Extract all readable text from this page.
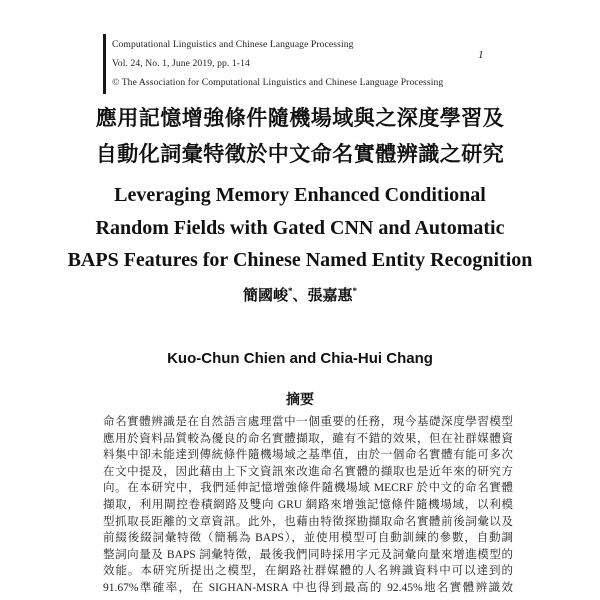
Computational Linguistics and Chinese Language Processing
Vol. 24, No. 1, June 2019, pp. 1-14
© The Association for Computational Linguistics and Chinese Language Processing
1
應用記憶增強條件隨機場域與之深度學習及
自動化詞彙特徵於中文命名實體辨識之研究
Leveraging Memory Enhanced Conditional
Random Fields with Gated CNN and Automatic
BAPS Features for Chinese Named Entity Recognition
簡國峻*、張嘉惠*
Kuo-Chun Chien and Chia-Hui Chang
摘要
命名實體辨識是在自然語言處理當中一個重要的任務，現今基礎深度學習模型
應用於資料品質較為優良的命名實體擷取，雖有不錯的效果，但在社群媒體資
料集中卻未能達到傳統條件隨機場域之基準值，由於一個命名實體有能可多次
在文中提及，因此藉由上下文資訊來改進命名實體的擷取也是近年來的研究方
向。在本研究中，我們延伸記憶增強條件隨機場域 MECRF 於中文的命名實體
擷取，利用閘控卷積網路及雙向 GRU 網路來增強記憶條件隨機場域，以利模
型抓取長距離的文章資訊。此外，也藉由特徵探勘擷取命名實體前後詞彙以及
前綴後綴詞彙特徵（簡稱為 BAPS），並使用模型可自動訓練的參數，自動調
整詞向量及 BAPS 詞彙特徵，最後我們同時採用字元及詞彙向量來增進模型的
效能。本研究所提出之模型，在網路社群媒體的人名辨識資料中可以達到的
91.67%準確率，在 SIGHAN-MSRA 中也得到最高的 92.45%地名實體辨識效
